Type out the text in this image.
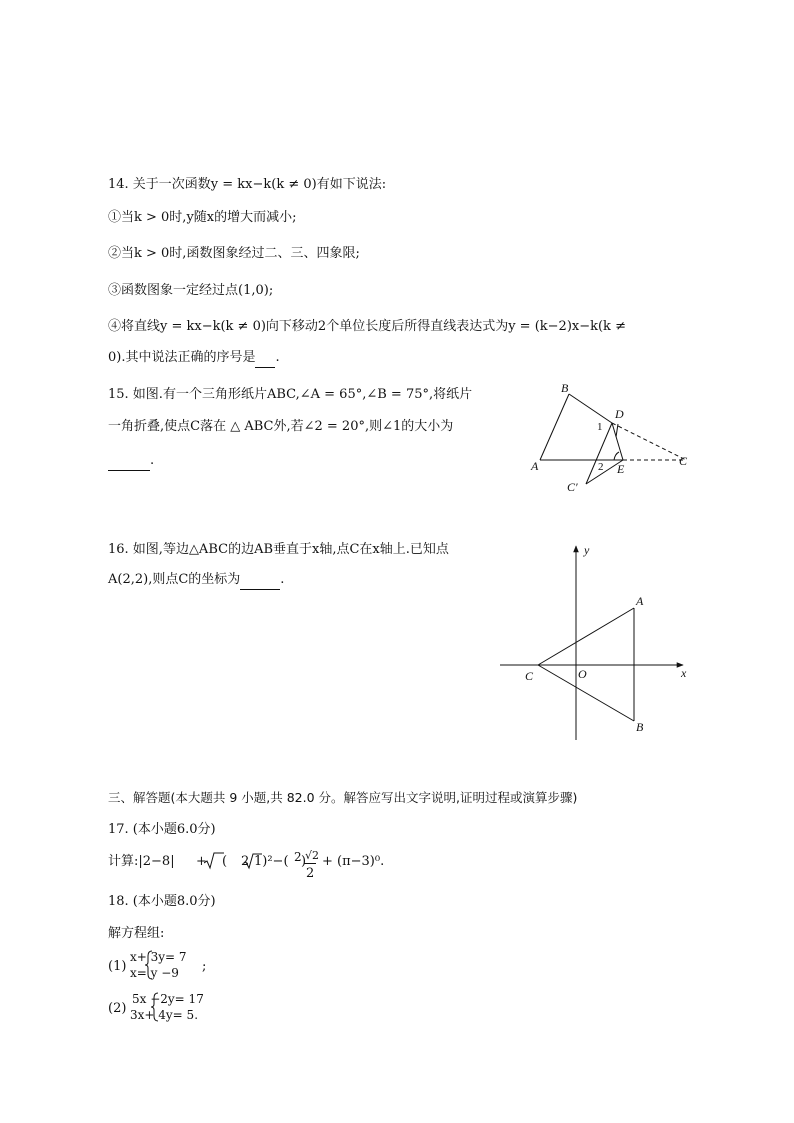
14. 关于一次函数y = kx−k(k ≠ 0)有如下说法:
①当k > 0时,y随x的增大而减小;
②当k > 0时,函数图象经过二、三、四象限;
③函数图象一定经过点(1,0);
④将直线y = kx−k(k ≠ 0)向下移动2个单位长度后所得直线表达式为y = (k−2)x−k(k ≠
0).其中说法正确的序号是 .
15. 如图.有一个三角形纸片ABC,∠A = 65°,∠B = 75°,将纸片
一角折叠,使点C落在 △ ABC外,若∠2 = 20°,则∠1的大小为
.
B
D
A	C
E
C′
1
2
16. 如图,等边△ABC的边AB垂直于x轴,点C在x轴上.已知点
A(2,2),则点C的坐标为	.
y
x
A
B
C	O
三、解答题(本大题共 9 小题,共 82.0 分。解答应写出文字说明,证明过程或演算步骤)
17. (本小题6.0分)
计算:|2−8| + ( 2 1)²−( 2 )
√2
2
+ (π−3)⁰.
18. (本小题8.0分)
解方程组:
(1)
x+ 3y= 7
x= y −9 ;
(2)
5x −2y= 17
3x+ 4y= 5.
